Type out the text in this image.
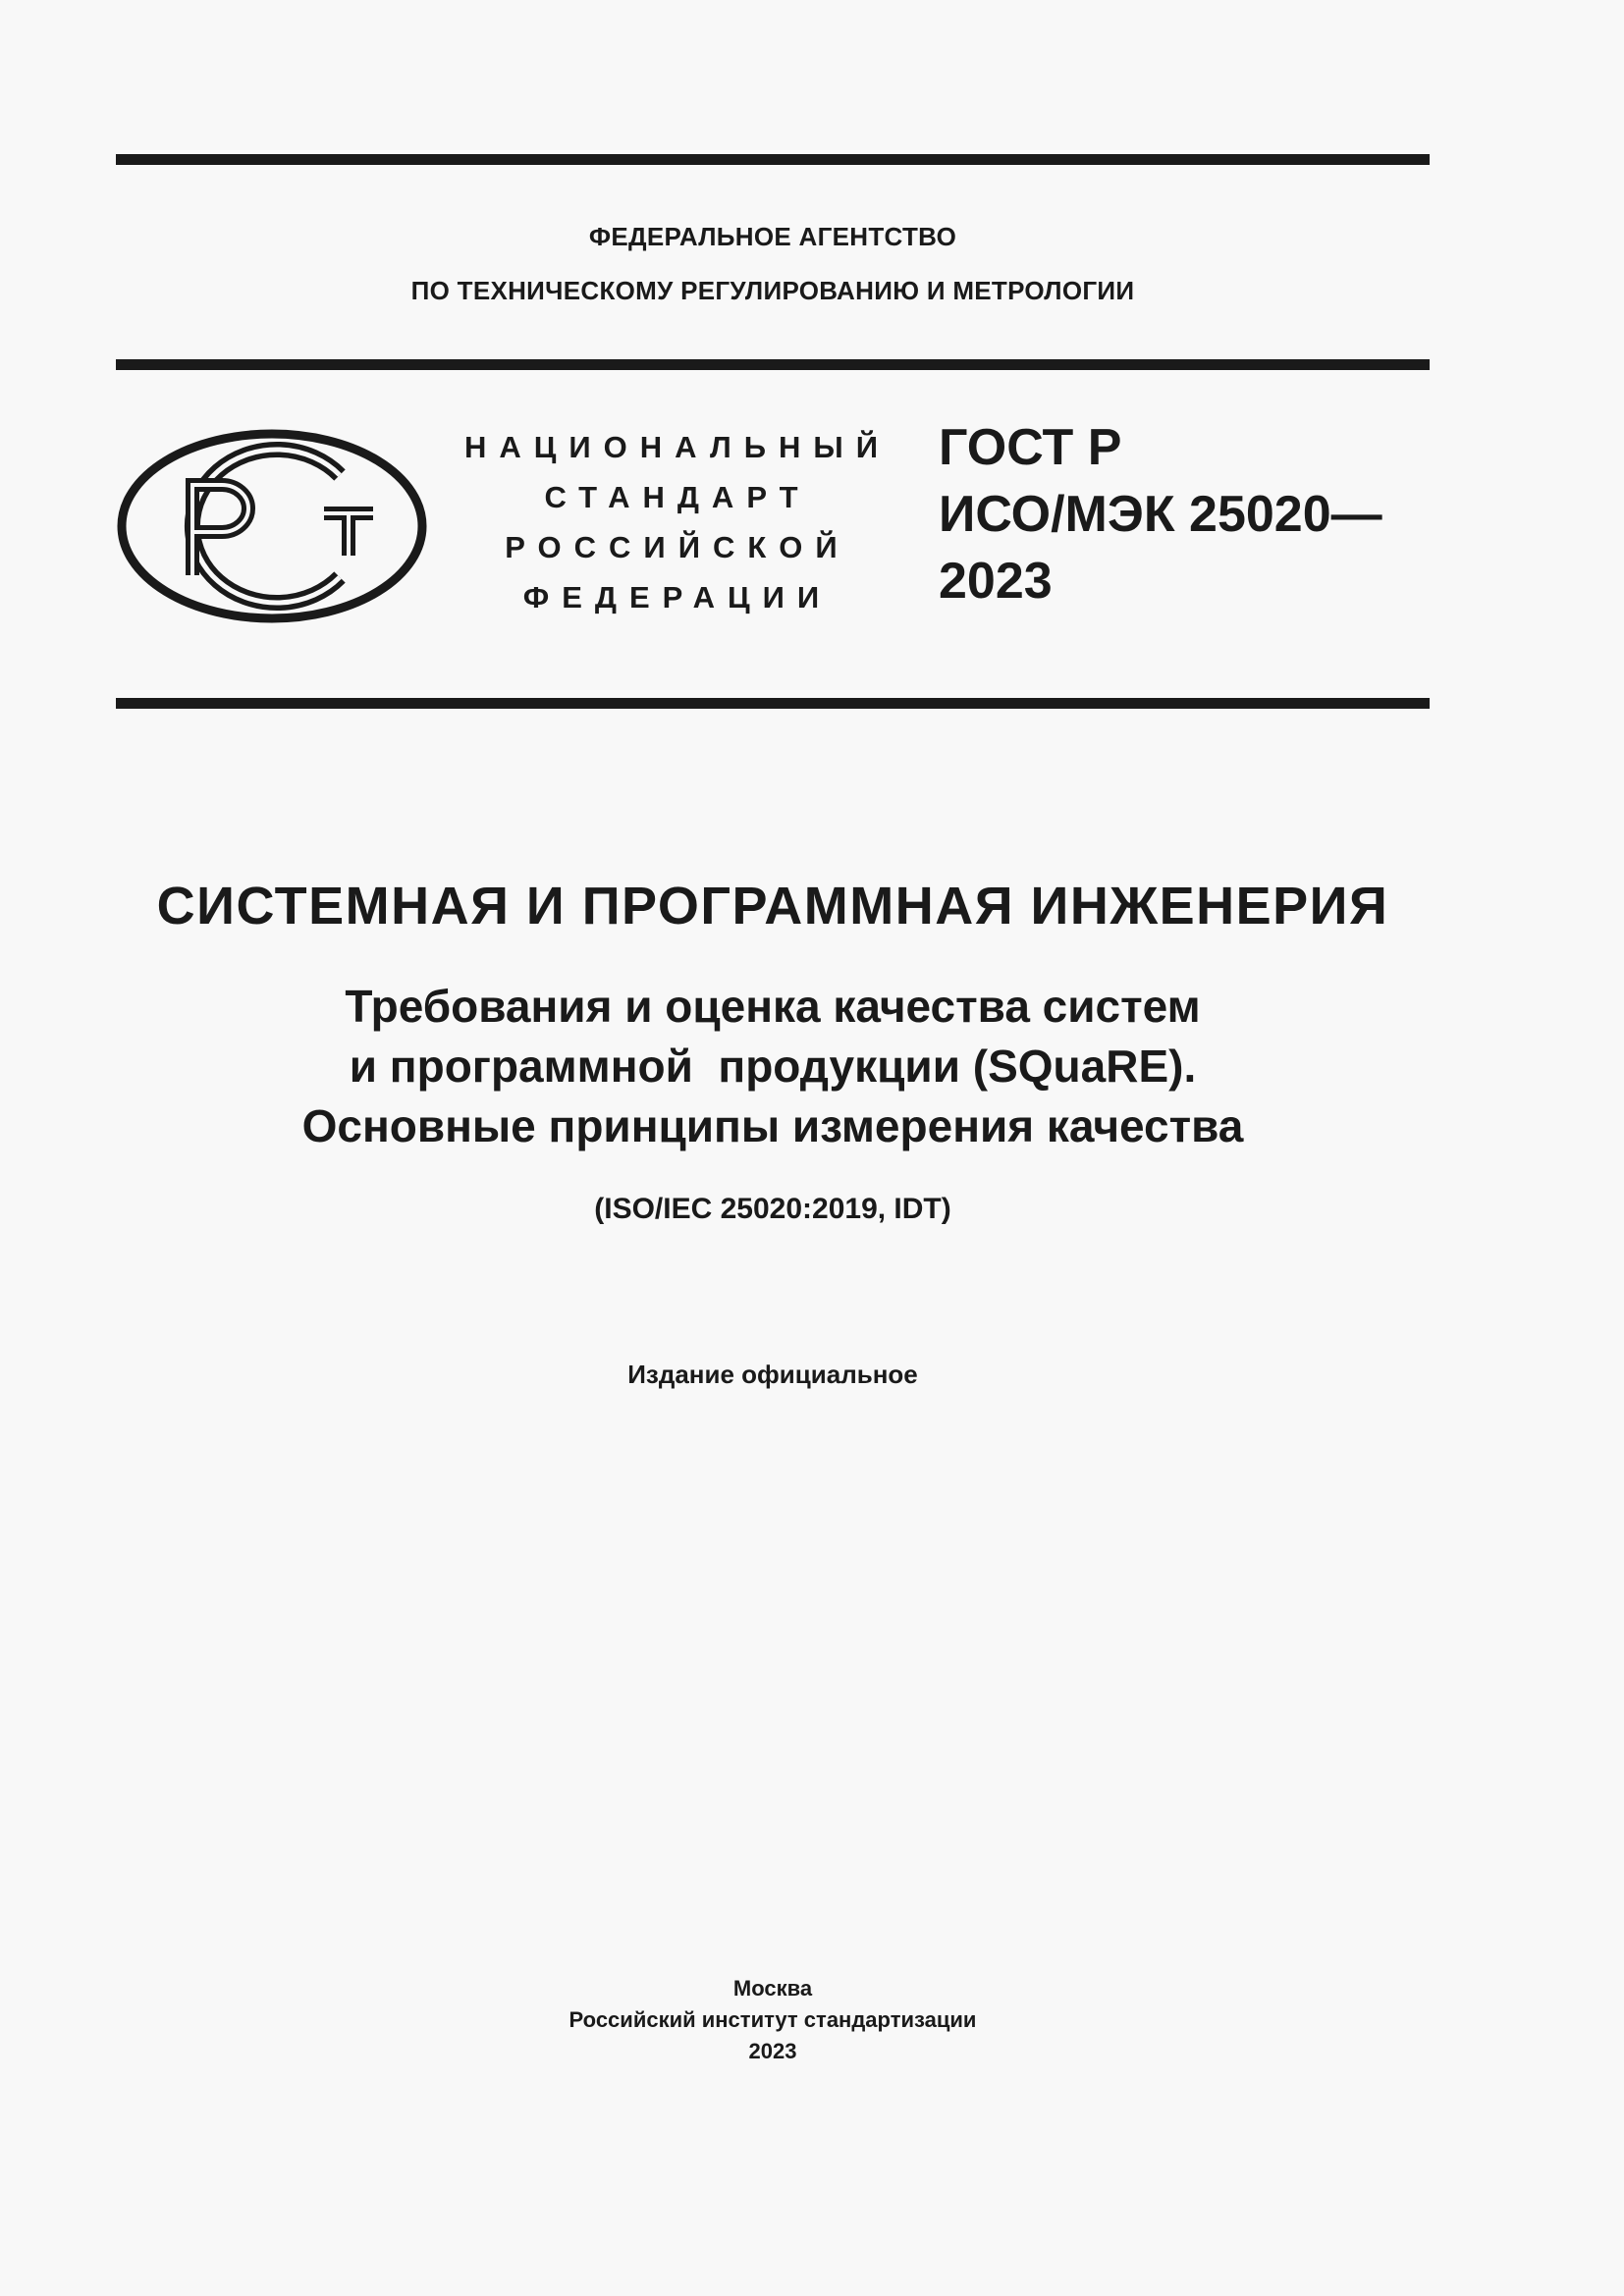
ФЕДЕРАЛЬНОЕ АГЕНТСТВО
ПО ТЕХНИЧЕСКОМУ РЕГУЛИРОВАНИЮ И МЕТРОЛОГИИ
НАЦИОНАЛЬНЫЙ
СТАНДАРТ
РОССИЙСКОЙ
ФЕДЕРАЦИИ
ГОСТ Р
ИСО/МЭК 25020—
2023
СИСТЕМНАЯ И ПРОГРАММНАЯ ИНЖЕНЕРИЯ
Требования и оценка качества систем
и программной  продукции (SQuaRE).
Основные принципы измерения качества
(ISO/IEC 25020:2019, IDT)
Издание официальное
Москва
Российский институт стандартизации
2023
